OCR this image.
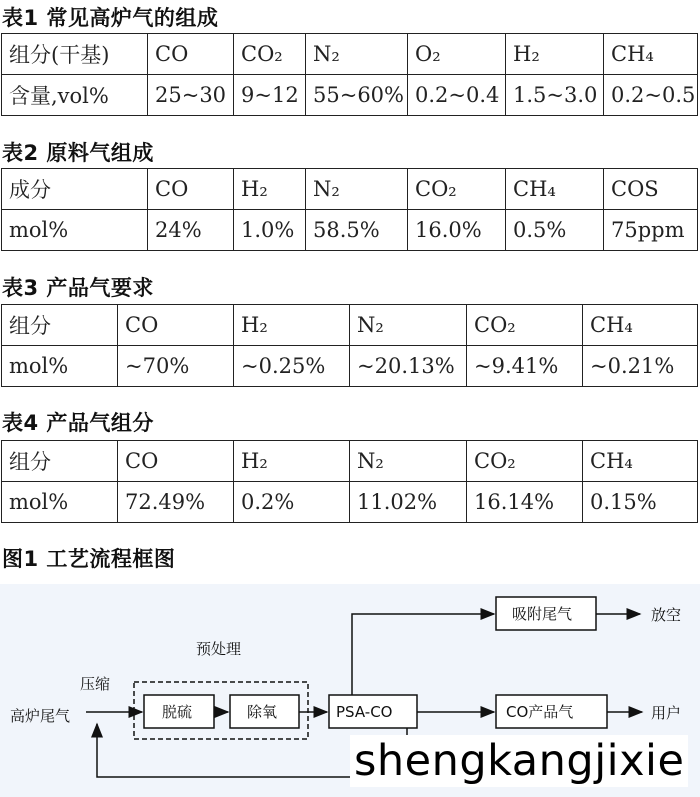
表1 常见高炉气的组成
组分(干基)	CO	CO₂	N₂	O₂	H₂	CH₄
含量,vol%	25~30	9~12	55~60%	0.2~0.4	1.5~3.0	0.2~0.5
表2 原料气组成
成分	CO	H₂	N₂	CO₂	CH₄	COS
mol%	24%	1.0%	58.5%	16.0%	0.5%	75ppm
表3 产品气要求
组分	CO	H₂	N₂	CO₂	CH₄
mol%	~70%	~0.25%	~20.13%	~9.41%	~0.21%
表4 产品气组分
组分	CO	H₂	N₂	CO₂	CH₄
mol%	72.49%	0.2%	11.02%	16.14%	0.15%
图1 工艺流程框图
高炉尾气
压缩
预处理
脱硫	除氧	PSA-CO
吸附尾气	放空
CO产品气	用户
shengkangjixie
